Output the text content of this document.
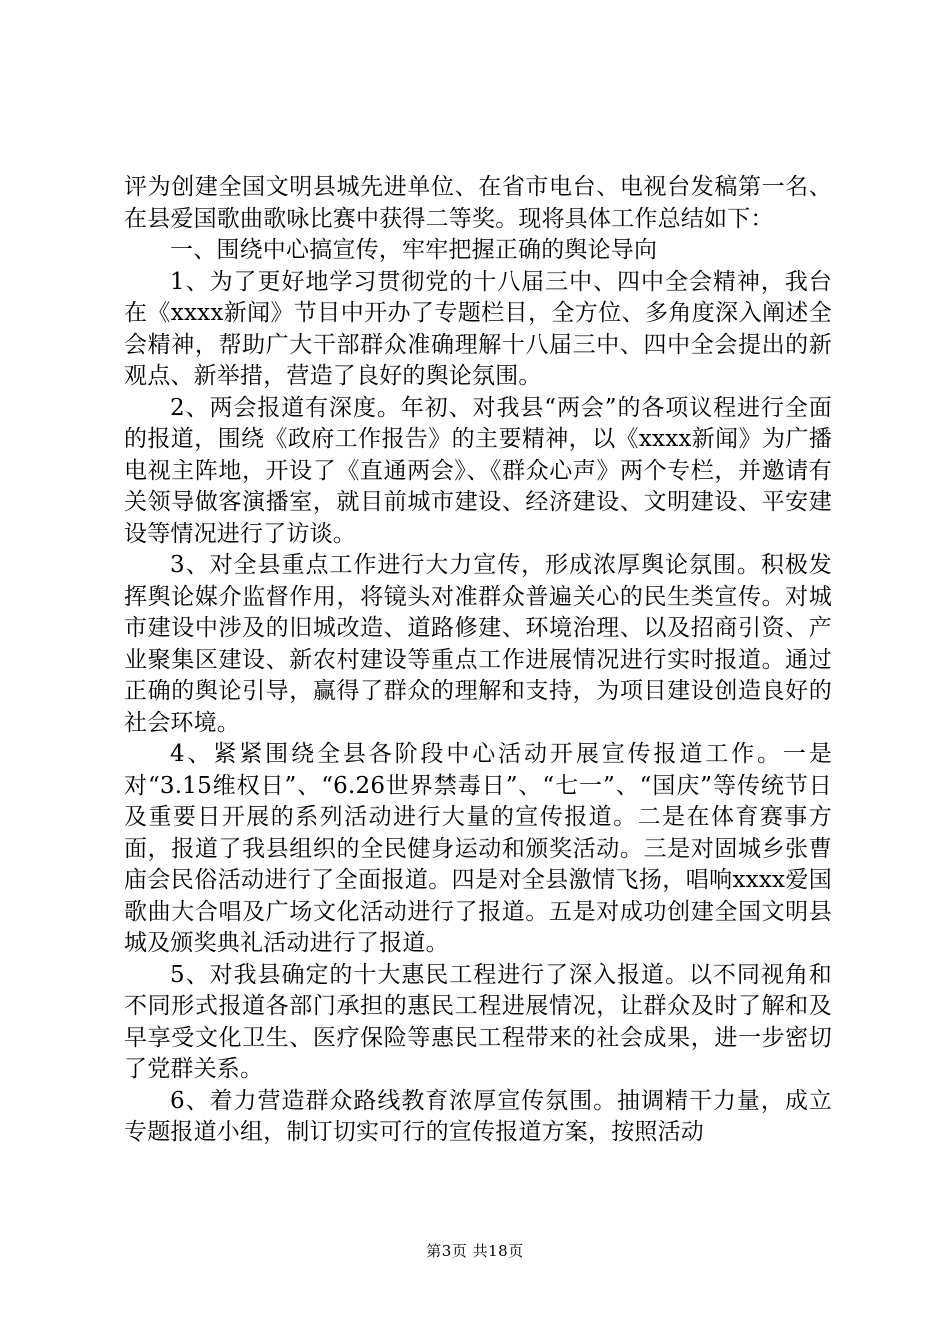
评为创建全国文明县城先进单位、在省市电台、电视台发稿第一名、在县爱国歌曲歌咏比赛中获得二等奖。现将具体工作总结如下：

一、围绕中心搞宣传，牢牢把握正确的舆论导向

1、为了更好地学习贯彻党的十八届三中、四中全会精神，我台在《xxxx新闻》节目中开办了专题栏目，全方位、多角度深入阐述全会精神，帮助广大干部群众准确理解十八届三中、四中全会提出的新观点、新举措，营造了良好的舆论氛围。

2、两会报道有深度。年初、对我县“两会”的各项议程进行全面的报道，围绕《政府工作报告》的主要精神，以《xxxx新闻》为广播电视主阵地，开设了《直通两会》、《群众心声》两个专栏，并邀请有关领导做客演播室，就目前城市建设、经济建设、文明建设、平安建设等情况进行了访谈。

3、对全县重点工作进行大力宣传，形成浓厚舆论氛围。积极发挥舆论媒介监督作用，将镜头对准群众普遍关心的民生类宣传。对城市建设中涉及的旧城改造、道路修建、环境治理、以及招商引资、产业聚集区建设、新农村建设等重点工作进展情况进行实时报道。通过正确的舆论引导，赢得了群众的理解和支持，为项目建设创造良好的社会环境。

4、紧紧围绕全县各阶段中心活动开展宣传报道工作。一是对“3.15维权日”、“6.26世界禁毒日”、“七一”、“国庆”等传统节日及重要日开展的系列活动进行大量的宣传报道。二是在体育赛事方面，报道了我县组织的全民健身运动和颁奖活动。三是对固城乡张曹庙会民俗活动进行了全面报道。四是对全县激情飞扬，唱响xxxx爱国歌曲大合唱及广场文化活动进行了报道。五是对成功创建全国文明县城及颁奖典礼活动进行了报道。

5、对我县确定的十大惠民工程进行了深入报道。以不同视角和不同形式报道各部门承担的惠民工程进展情况，让群众及时了解和及早享受文化卫生、医疗保险等惠民工程带来的社会成果，进一步密切了党群关系。

6、着力营造群众路线教育浓厚宣传氛围。抽调精干力量，成立专题报道小组，制订切实可行的宣传报道方案，按照活动

第3页 共18页
